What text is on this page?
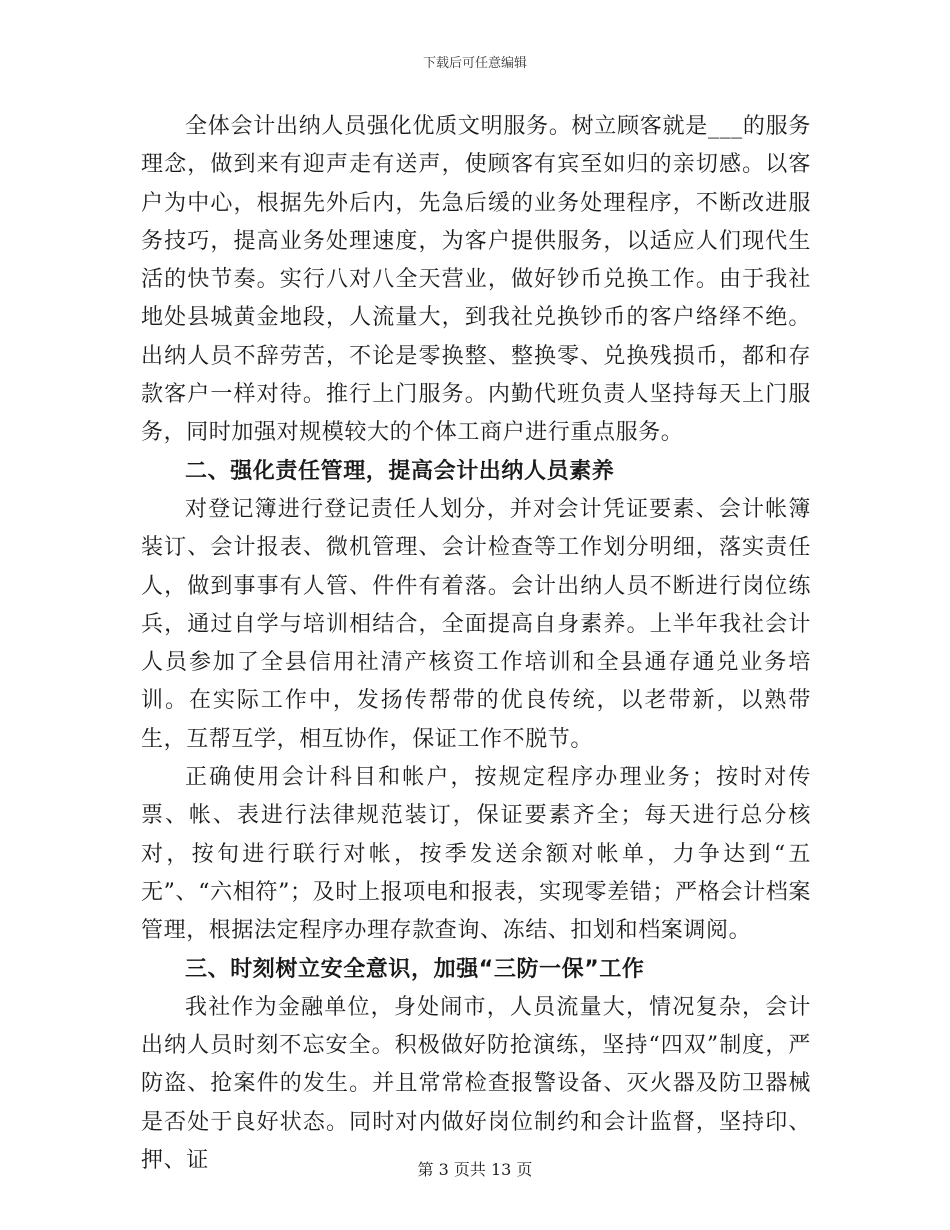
下载后可任意编辑

全体会计出纳人员强化优质文明服务。树立顾客就是___的服务理念，做到来有迎声走有送声，使顾客有宾至如归的亲切感。以客户为中心，根据先外后内，先急后缓的业务处理程序，不断改进服务技巧，提高业务处理速度，为客户提供服务，以适应人们现代生活的快节奏。实行八对八全天营业，做好钞币兑换工作。由于我社地处县城黄金地段，人流量大，到我社兑换钞币的客户络绎不绝。出纳人员不辞劳苦，不论是零换整、整换零、兑换残损币，都和存款客户一样对待。推行上门服务。内勤代班负责人坚持每天上门服务，同时加强对规模较大的个体工商户进行重点服务。

二、强化责任管理，提高会计出纳人员素养

对登记簿进行登记责任人划分，并对会计凭证要素、会计帐簿装订、会计报表、微机管理、会计检查等工作划分明细，落实责任人，做到事事有人管、件件有着落。会计出纳人员不断进行岗位练兵，通过自学与培训相结合，全面提高自身素养。上半年我社会计人员参加了全县信用社清产核资工作培训和全县通存通兑业务培训。在实际工作中，发扬传帮带的优良传统，以老带新，以熟带生，互帮互学，相互协作，保证工作不脱节。

正确使用会计科目和帐户，按规定程序办理业务；按时对传票、帐、表进行法律规范装订，保证要素齐全；每天进行总分核对，按旬进行联行对帐，按季发送余额对帐单，力争达到“五无”、“六相符”；及时上报项电和报表，实现零差错；严格会计档案管理，根据法定程序办理存款查询、冻结、扣划和档案调阅。

三、时刻树立安全意识，加强“三防一保”工作

我社作为金融单位，身处闹市，人员流量大，情况复杂，会计出纳人员时刻不忘安全。积极做好防抢演练，坚持“四双”制度，严防盗、抢案件的发生。并且常常检查报警设备、灭火器及防卫器械是否处于良好状态。同时对内做好岗位制约和会计监督，坚持印、押、证	第 3 页共 13 页
